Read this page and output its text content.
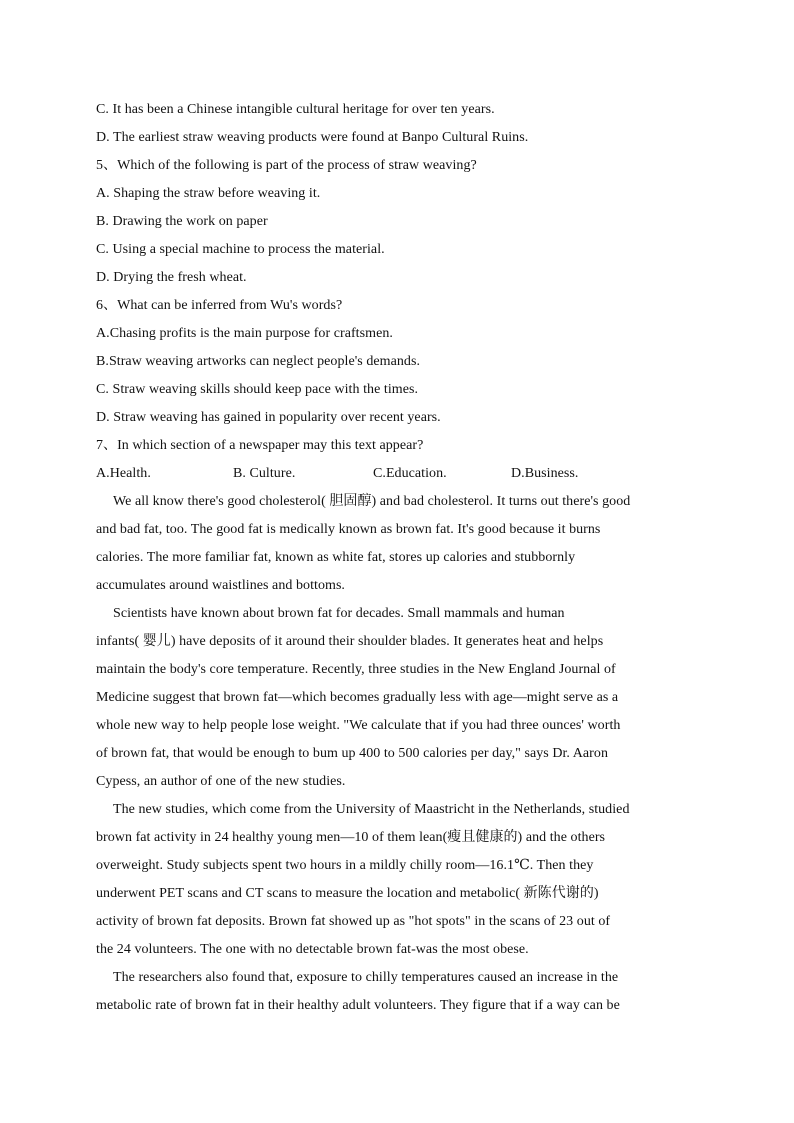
C. It has been a Chinese intangible cultural heritage for over ten years.
D. The earliest straw weaving products were found at Banpo Cultural Ruins.
5、Which of the following is part of the process of straw weaving?
A. Shaping the straw before weaving it.
B. Drawing the work on paper
C. Using a special machine to process the material.
D. Drying the fresh wheat.
6、What can be inferred from Wu's words?
A.Chasing profits is the main purpose for craftsmen.
B.Straw weaving artworks can neglect people's demands.
C. Straw weaving skills should keep pace with the times.
D. Straw weaving has gained in popularity over recent years.
7、In which section of a newspaper may this text appear?
A.Health.	B. Culture.	C.Education.	D.Business.
We all know there's good cholesterol( 胆固醇) and bad cholesterol. It turns out there's good
and bad fat, too. The good fat is medically known as brown fat. It's good because it burns
calories. The more familiar fat, known as white fat, stores up calories and stubbornly
accumulates around waistlines and bottoms.
Scientists have known about brown fat for decades. Small mammals and human
infants( 婴儿) have deposits of it around their shoulder blades. It generates heat and helps
maintain the body's core temperature. Recently, three studies in the New England Journal of
Medicine suggest that brown fat—which becomes gradually less with age—might serve as a
whole new way to help people lose weight. "We calculate that if you had three ounces' worth
of brown fat, that would be enough to bum up 400 to 500 calories per day," says Dr. Aaron
Cypess, an author of one of the new studies.
The new studies, which come from the University of Maastricht in the Netherlands, studied
brown fat activity in 24 healthy young men—10 of them lean(瘦且健康的) and the others
overweight. Study subjects spent two hours in a mildly chilly room—16.1℃. Then they
underwent PET scans and CT scans to measure the location and metabolic( 新陈代谢的)
activity of brown fat deposits. Brown fat showed up as "hot spots" in the scans of 23 out of
the 24 volunteers. The one with no detectable brown fat-was the most obese.
The researchers also found that, exposure to chilly temperatures caused an increase in the
metabolic rate of brown fat in their healthy adult volunteers. They figure that if a way can be
